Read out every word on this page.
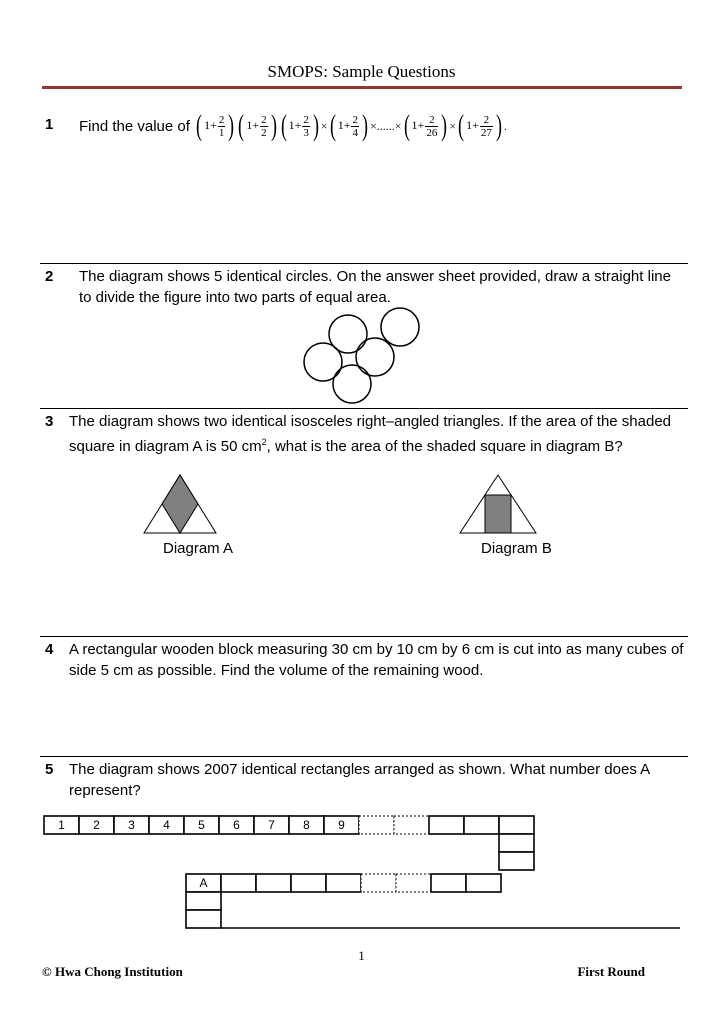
SMOPS: Sample Questions
1 Find the value of
( $1+ \frac{2}{1}$ ) ( $1+ \frac{2}{2}$ ) ( $1+ \frac{2}{3}$ ) × ( $1+ \frac{2}{4}$ ) × ...... × ( $1+ \frac{2}{26}$ ) × ( $1+ \frac{2}{27}$ ) .
2 The diagram shows 5 identical circles. On the answer sheet provided, draw a straight line to divide the figure into two parts of equal area.
3 The diagram shows two identical isosceles right–angled triangles. If the area of the shaded square in diagram A is 50 $cm^2$, what is the area of the shaded square in diagram B?
Diagram A	Diagram B
4 A rectangular wooden block measuring 30 cm by 10 cm by 6 cm is cut into as many cubes of side 5 cm as possible. Find the volume of the remaining wood.
5 The diagram shows 2007 identical rectangles arranged as shown. What number does A represent?
1 2 3 4 5 6 7 8 9
A
1
© Hwa Chong Institution	First Round
